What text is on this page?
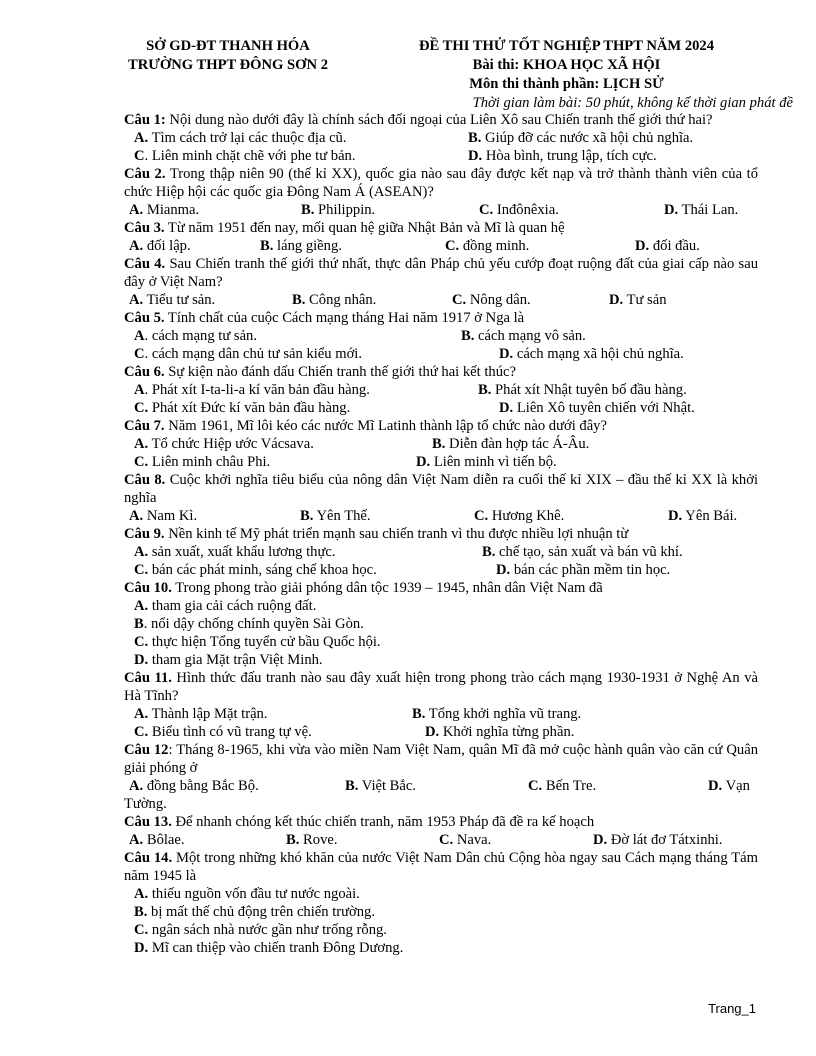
SỞ GD-ĐT THANH HÓA
TRƯỜNG THPT ĐÔNG SƠN 2
ĐỀ THI THỬ TỐT NGHIỆP THPT NĂM 2024
Bài thi: KHOA HỌC XÃ HỘI
Môn thi thành phần: LỊCH SỬ
Thời gian làm bài: 50 phút, không kể thời gian phát đề
Câu 1: Nội dung nào dưới đây là chính sách đối ngoại của Liên Xô sau Chiến tranh thế giới thứ hai?
A. Tìm cách trở lại các thuộc địa cũ.	B. Giúp đỡ các nước xã hội chủ nghĩa.
C. Liên minh chặt chẽ với phe tư bản.	D. Hòa bình, trung lập, tích cực.
Câu 2. Trong thập niên 90 (thế kỉ XX), quốc gia nào sau đây được kết nạp và trở thành thành viên của tổ chức Hiệp hội các quốc gia Đông Nam Á (ASEAN)?
A. Mianma.	B. Philippin.	C. Inđônêxia.	D. Thái Lan.
Câu 3. Từ năm 1951 đến nay, mối quan hệ giữa Nhật Bản và Mĩ là quan hệ
A. đối lập.	B. láng giềng.	C. đồng minh.	D. đối đầu.
Câu 4. Sau Chiến tranh thế giới thứ nhất, thực dân Pháp chủ yếu cướp đoạt ruộng đất của giai cấp nào sau đây ở Việt Nam?
A. Tiểu tư sản.	B. Công nhân.	C. Nông dân.	D. Tư sản
Câu 5. Tính chất của cuộc Cách mạng tháng Hai năm 1917 ở Nga là
A. cách mạng tư sản.	B. cách mạng vô sản.
C. cách mạng dân chủ tư sản kiểu mới.	D. cách mạng xã hội chủ nghĩa.
Câu 6. Sự kiện nào đánh dấu Chiến tranh thế giới thứ hai kết thúc?
A. Phát xít I-ta-li-a kí văn bản đầu hàng.	B. Phát xít Nhật tuyên bố đầu hàng.
C. Phát xít Đức kí văn bản đầu hàng.	D. Liên Xô tuyên chiến với Nhật.
Câu 7. Năm 1961, Mĩ lôi kéo các nước Mĩ Latinh thành lập tổ chức nào dưới đây?
A. Tổ chức Hiệp ước Vácsava.	B. Diễn đàn hợp tác Á-Âu.
C. Liên minh châu Phi.	D. Liên minh vì tiến bộ.
Câu 8. Cuộc khởi nghĩa tiêu biểu của nông dân Việt Nam diễn ra cuối thế kỉ XIX – đầu thế kỉ XX là khởi nghĩa
A. Nam Kì.	B. Yên Thế.	C. Hương Khê.	D. Yên Bái.
Câu 9. Nền kinh tế Mỹ phát triển mạnh sau chiến tranh vì thu được nhiều lợi nhuận từ
A. sản xuất, xuất khẩu lương thực.	B. chế tạo, sản xuất và bán vũ khí.
C. bán các phát minh, sáng chế khoa học.	D. bán các phần mềm tin học.
Câu 10. Trong phong trào giải phóng dân tộc 1939 – 1945, nhân dân Việt Nam đã
A. tham gia cải cách ruộng đất.
B. nổi dậy chống chính quyền Sài Gòn.
C. thực hiện Tổng tuyển cử bầu Quốc hội.
D. tham gia Mặt trận Việt Minh.
Câu 11. Hình thức đấu tranh nào sau đây xuất hiện trong phong trào cách mạng 1930-1931 ở Nghệ An và Hà Tĩnh?
A. Thành lập Mặt trận.	B. Tổng khởi nghĩa vũ trang.
C. Biểu tình có vũ trang tự vệ.	D. Khởi nghĩa từng phần.
Câu 12: Tháng 8-1965, khi vừa vào miền Nam Việt Nam, quân Mĩ đã mở cuộc hành quân vào căn cứ Quân giải phóng ở
A. đồng bằng Bắc Bộ.	B. Việt Bắc.	C. Bến Tre.	D. Vạn
Tường.
Câu 13. Để nhanh chóng kết thúc chiến tranh, năm 1953 Pháp đã đề ra kế hoạch
A. Bôlae.	B. Rove.	C. Nava.	D. Đờ lát đơ Tátxinhi.
Câu 14. Một trong những khó khăn của nước Việt Nam Dân chủ Cộng hòa ngay sau Cách mạng tháng Tám năm 1945 là
A. thiếu nguồn vốn đầu tư nước ngoài.
B. bị mất thế chủ động trên chiến trường.
C. ngân sách nhà nước gần như trống rỗng.
D. Mĩ can thiệp vào chiến tranh Đông Dương.
Trang_1
